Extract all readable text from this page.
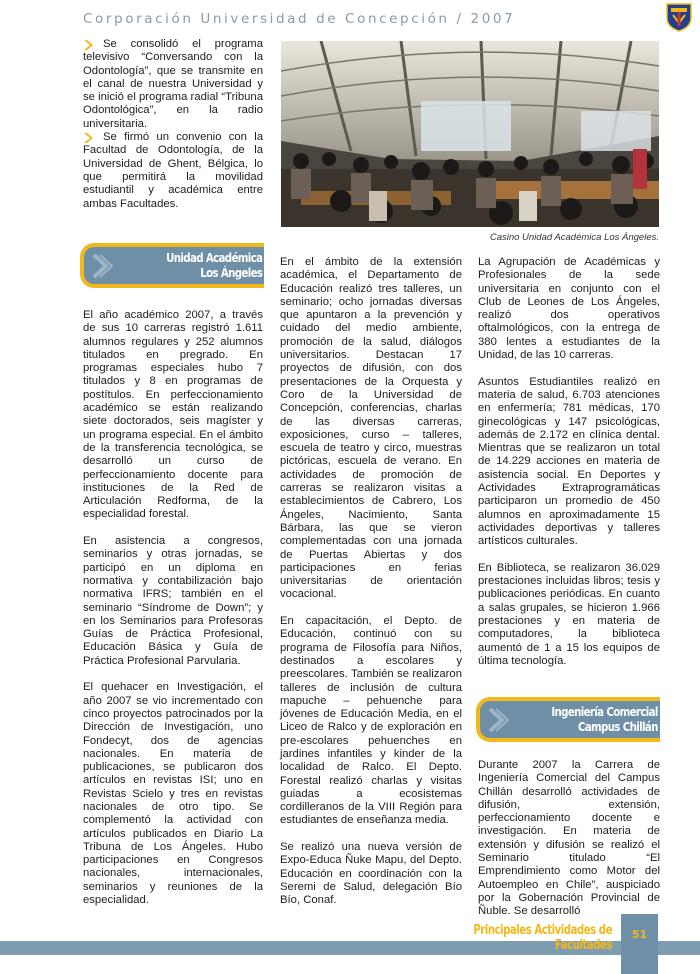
Corporación Universidad de Concepción / 2007
Se consolidó el programa televisivo “Conversando con la Odontología”, que se transmite en el canal de nuestra Universidad y se inició el programa radial “Tribuna Odontológica”, en la radio universitaria.
Se firmó un convenio con la Facultad de Odontología, de la Universidad de Ghent, Bélgica, lo que permitirá la movilidad estudiantil y académica entre ambas Facultades.
Casino Unidad Académica Los Ángeles.
Unidad Académica
Los Ángeles

El año académico 2007, a través de sus 10 carreras registró 1.611 alumnos regulares y 252 alumnos titulados en pregrado. En programas especiales hubo 7 titulados y 8 en programas de postítulos. En perfeccionamiento académico se están realizando siete doctorados, seis magíster y un programa especial. En el ámbito de la transferencia tecnológica, se desarrolló un curso de perfeccionamiento docente para instituciones de la Red de Articulación Redforma, de la especialidad forestal.

En asistencia a congresos, seminarios y otras jornadas, se participó en un diploma en normativa y contabilización bajo normativa IFRS; también en el seminario “Síndrome de Down”; y en los Seminarios para Profesoras Guías de Práctica Profesional, Educación Básica y Guía de Práctica Profesional Parvularia.

El quehacer en Investigación, el año 2007 se vio incrementado con cinco proyectos patrocinados por la Dirección de Investigación, uno Fondecyt, dos de agencias nacionales. En materia de publicaciones, se publicaron dos artículos en revistas ISI; uno en Revistas Scielo y tres en revistas nacionales de otro tipo. Se complementó la actividad con artículos publicados en Diario La Tribuna de Los Ángeles. Hubo participaciones en Congresos nacionales, internacionales, seminarios y reuniones de la especialidad.

En el ámbito de la extensión académica, el Departamento de Educación realizó tres talleres, un seminario; ocho jornadas diversas que apuntaron a la prevención y cuidado del medio ambiente, promoción de la salud, diálogos universitarios. Destacan 17 proyectos de difusión, con dos presentaciones de la Orquesta y Coro de la Universidad de Concepción, conferencias, charlas de las diversas carreras, exposiciones, curso – talleres, escuela de teatro y circo, muestras pictóricas, escuela de verano. En actividades de promoción de carreras se realizaron visitas a establecimientos de Cabrero, Los Ángeles, Nacimiento, Santa Bárbara, las que se vieron complementadas con una jornada de Puertas Abiertas y dos participaciones en ferias universitarias de orientación vocacional.

En capacitación, el Depto. de Educación, continuó con su programa de Filosofía para Niños, destinados a escolares y preescolares. También se realizaron talleres de inclusión de cultura mapuche – pehuenche para jóvenes de Educación Media, en el Liceo de Ralco y de exploración en pre-escolares pehuenches en jardines infantiles y kinder de la localidad de Ralco. El Depto. Forestal realizó charlas y visitas guiadas a ecosistemas cordilleranos de la VIII Región para estudiantes de enseñanza media.

Se realizó una nueva versión de Expo-Educa Ñuke Mapu, del Depto. Educación en coordinación con la Seremi de Salud, delegación Bío Bío, Conaf.

La Agrupación de Académicas y Profesionales de la sede universitaria en conjunto con el Club de Leones de Los Ángeles, realizó dos operativos oftalmológicos, con la entrega de 380 lentes a estudiantes de la Unidad, de las 10 carreras.

Asuntos Estudiantiles realizó en materia de salud, 6.703 atenciones en enfermería; 781 médicas, 170 ginecológicas y 147 psicológicas, además de 2.172 en clínica dental. Mientras que se realizaron un total de 14.229 acciones en materia de asistencia social. En Deportes y Actividades Extraprogramáticas participaron un promedio de 450 alumnos en aproximadamente 15 actividades deportivas y talleres artísticos culturales.

En Biblioteca, se realizaron 36.029 prestaciones incluidas libros; tesis y publicaciones periódicas. En cuanto a salas grupales, se hicieron 1.966 prestaciones y en materia de computadores, la biblioteca aumentó de 1 a 15 los equipos de última tecnología.

Ingeniería Comercial
Campus Chillán

Durante 2007 la Carrera de Ingeniería Comercial del Campus Chillán desarrolló actividades de difusión, extensión, perfeccionamiento docente e investigación. En materia de extensión y difusión se realizó el Seminario titulado “El Emprendimiento como Motor del Autoempleo en Chile”, auspiciado por la Gobernación Provincial de Ñuble. Se desarrolló

Principales Actividades de Facultades
51
